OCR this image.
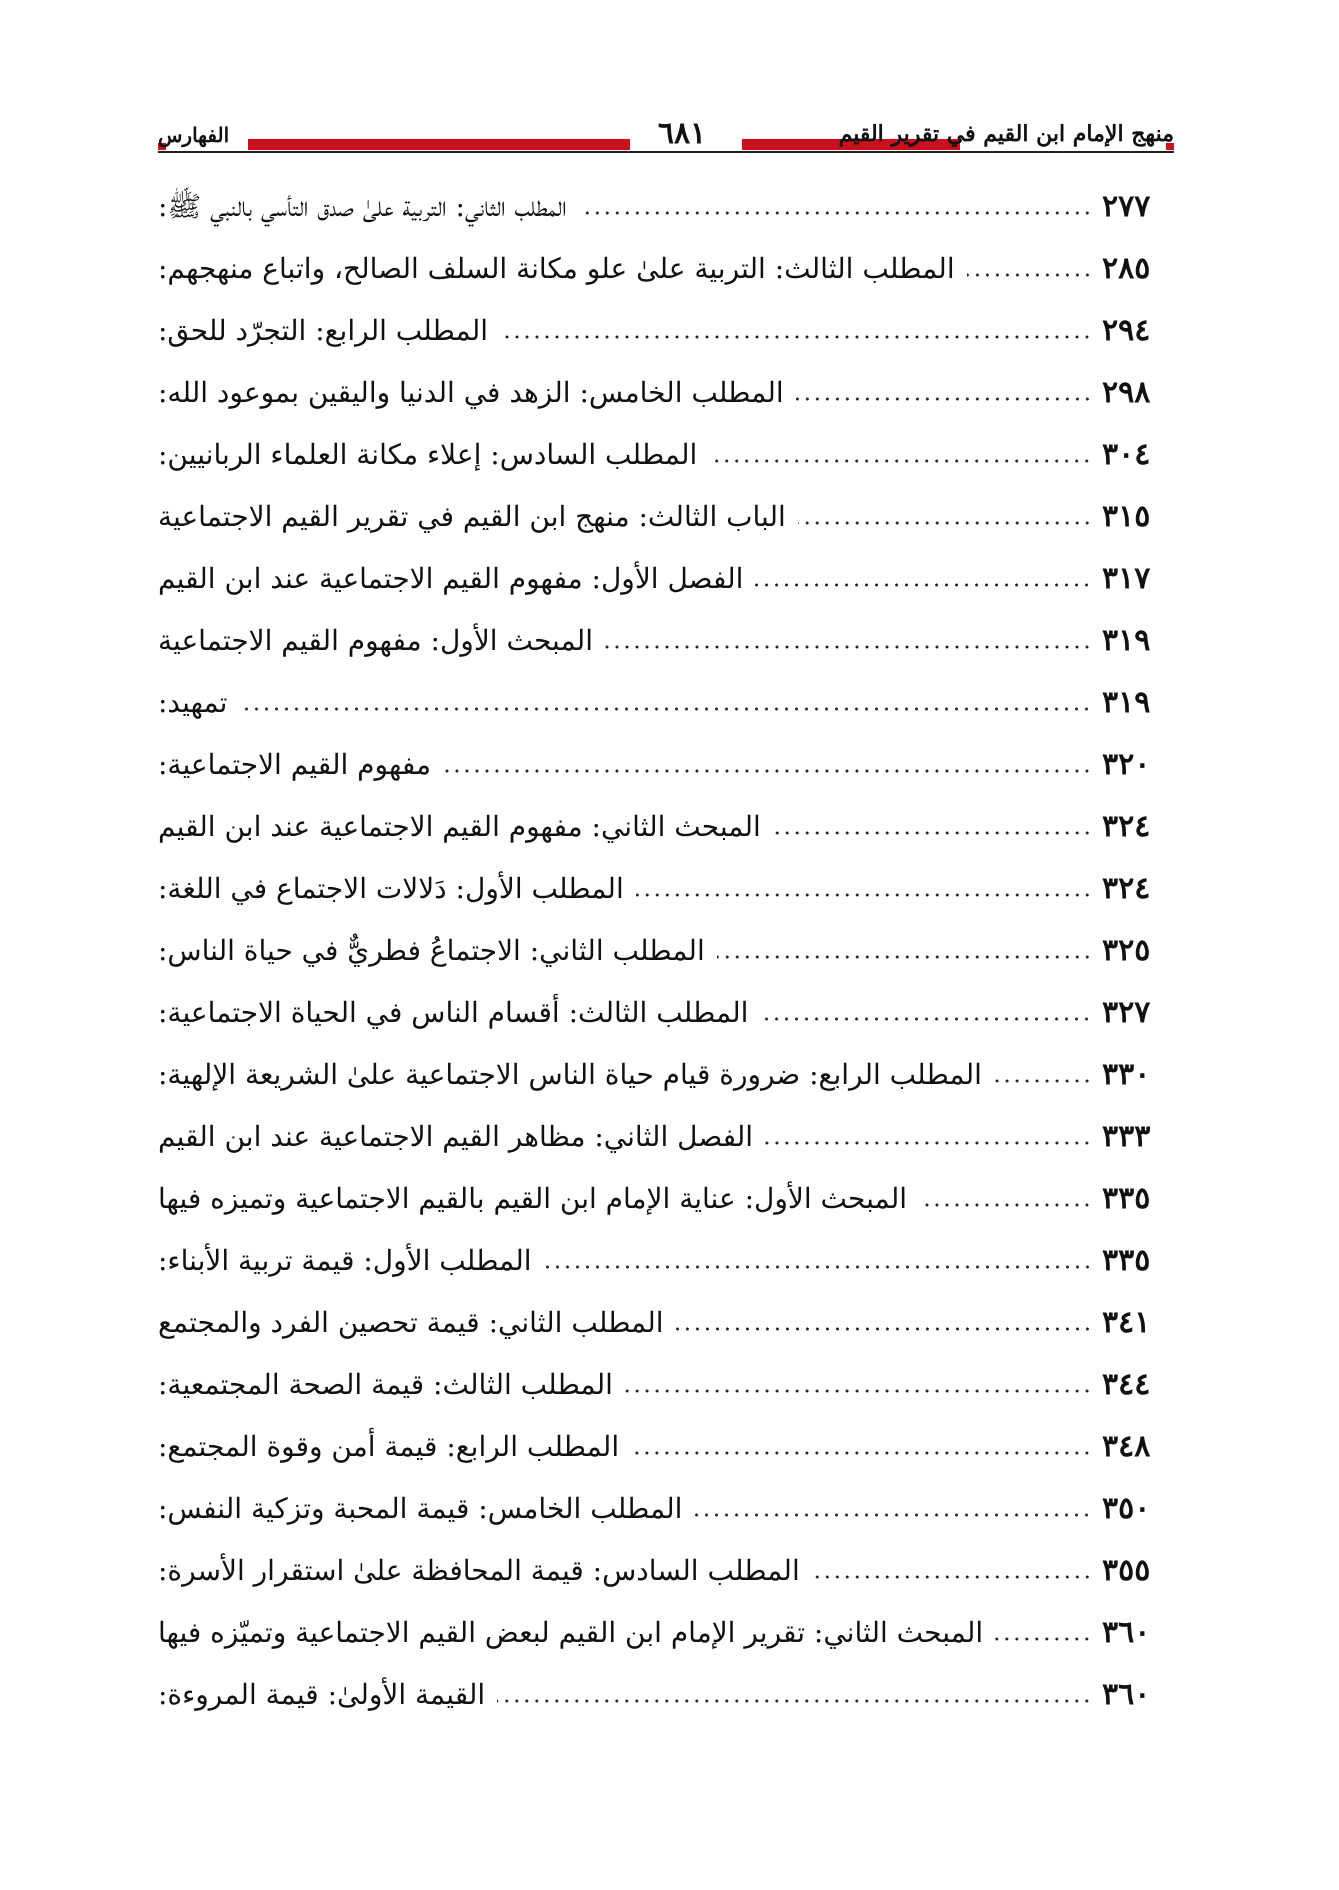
منهج الإمام ابن القيم في تقرير القيم
٦٨١
الفهارس
المطلب الثاني: التربية علىٰ صدق التأسي بالنبي ﷺ:	٢٧٧
المطلب الثالث: التربية علىٰ علو مكانة السلف الصالح، واتباع منهجهم:	٢٨٥
المطلب الرابع: التجرّد للحق:	٢٩٤
المطلب الخامس: الزهد في الدنيا واليقين بموعود الله:	٢٩٨
المطلب السادس: إعلاء مكانة العلماء الربانيين:	٣٠٤
الباب الثالث: منهج ابن القيم في تقرير القيم الاجتماعية	٣١٥
الفصل الأول: مفهوم القيم الاجتماعية عند ابن القيم	٣١٧
المبحث الأول: مفهوم القيم الاجتماعية	٣١٩
تمهيد:	٣١٩
مفهوم القيم الاجتماعية:	٣٢٠
المبحث الثاني: مفهوم القيم الاجتماعية عند ابن القيم	٣٢٤
المطلب الأول: دَلالات الاجتماع في اللغة:	٣٢٤
المطلب الثاني: الاجتماعُ فطريٌّ في حياة الناس:	٣٢٥
المطلب الثالث: أقسام الناس في الحياة الاجتماعية:	٣٢٧
المطلب الرابع: ضرورة قيام حياة الناس الاجتماعية علىٰ الشريعة الإلهية:	٣٣٠
الفصل الثاني: مظاهر القيم الاجتماعية عند ابن القيم	٣٣٣
المبحث الأول: عناية الإمام ابن القيم بالقيم الاجتماعية وتميزه فيها	٣٣٥
المطلب الأول: قيمة تربية الأبناء:	٣٣٥
المطلب الثاني: قيمة تحصين الفرد والمجتمع	٣٤١
المطلب الثالث: قيمة الصحة المجتمعية:	٣٤٤
المطلب الرابع: قيمة أمن وقوة المجتمع:	٣٤٨
المطلب الخامس: قيمة المحبة وتزكية النفس:	٣٥٠
المطلب السادس: قيمة المحافظة علىٰ استقرار الأسرة:	٣٥٥
المبحث الثاني: تقرير الإمام ابن القيم لبعض القيم الاجتماعية وتميّزه فيها	٣٦٠
القيمة الأولىٰ: قيمة المروءة:	٣٦٠
